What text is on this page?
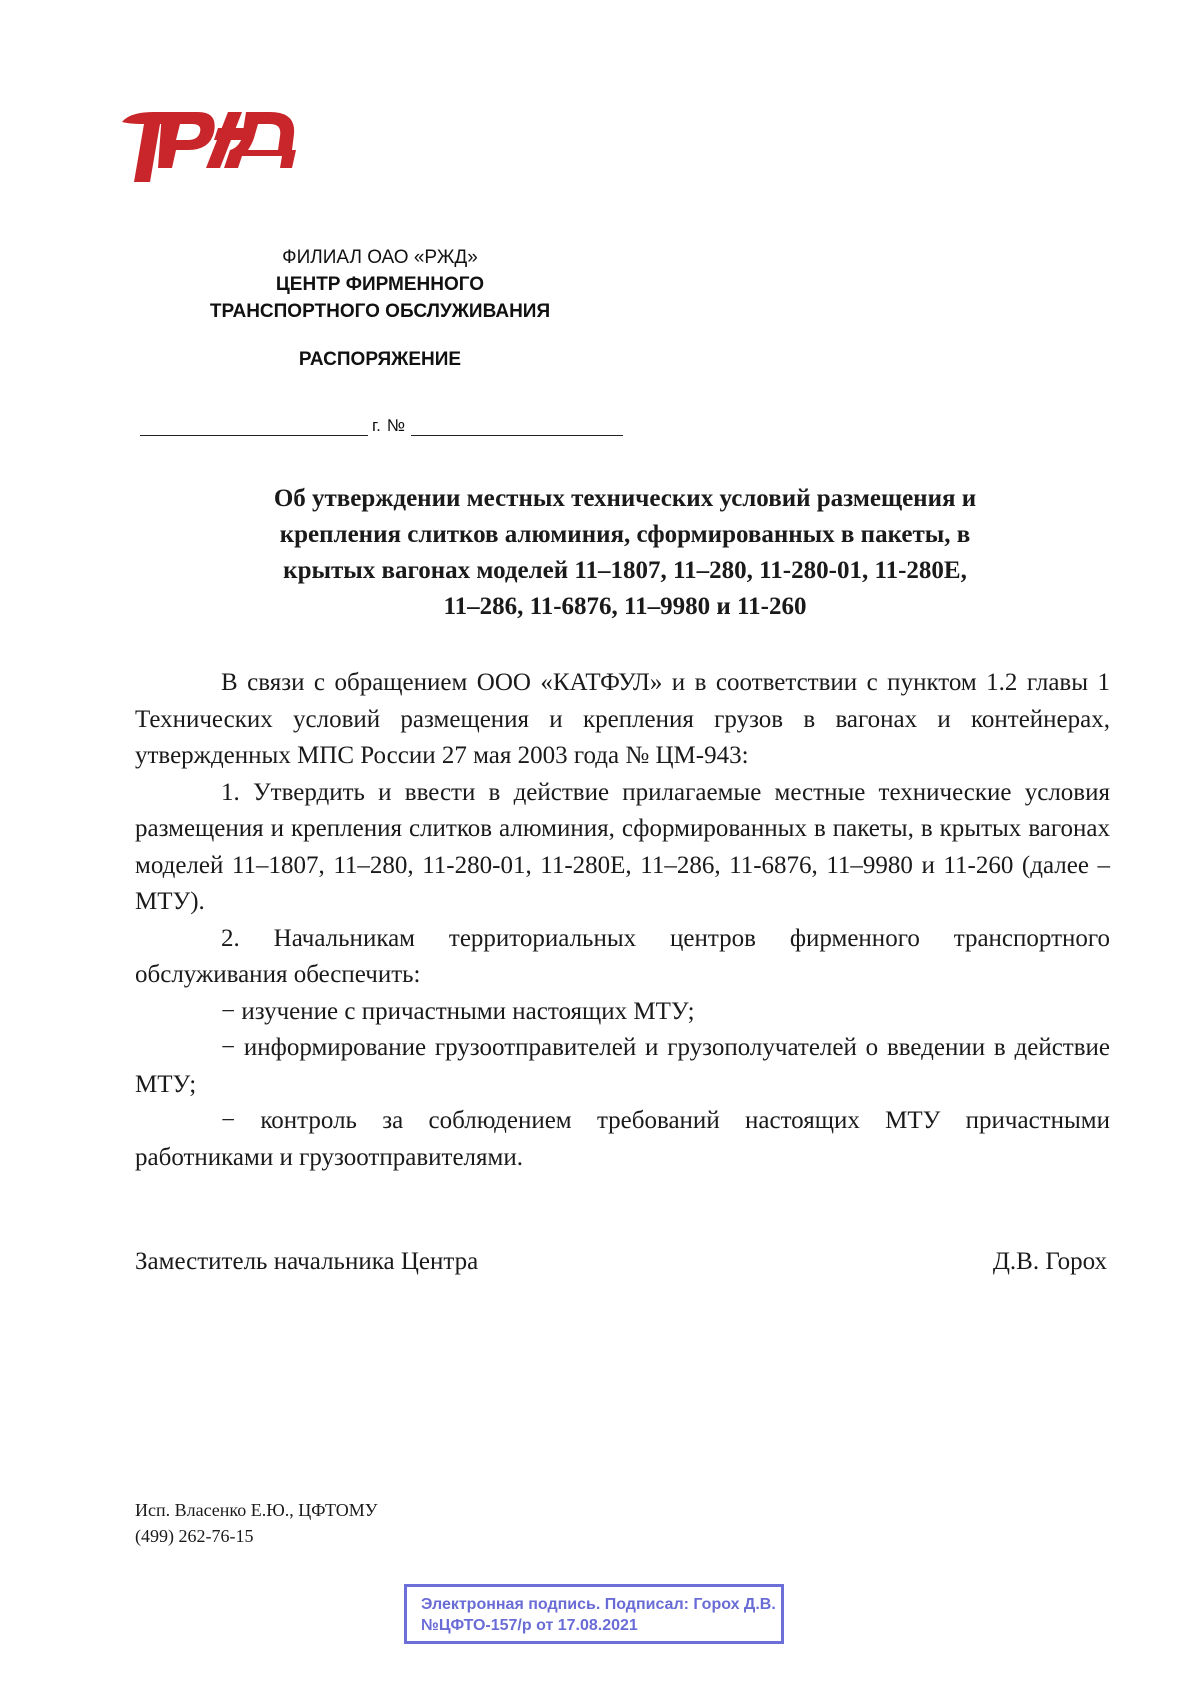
ФИЛИАЛ ОАО «РЖД»
ЦЕНТР ФИРМЕННОГО
ТРАНСПОРТНОГО ОБСЛУЖИВАНИЯ
РАСПОРЯЖЕНИЕ
г. №
Об утверждении местных технических условий размещения и
крепления слитков алюминия, сформированных в пакеты, в
крытых вагонах моделей 11–1807, 11–280, 11-280-01, 11-280Е,
11–286, 11-6876, 11–9980 и 11-260

В связи с обращением ООО «КАТФУЛ» и в соответствии с пунктом 1.2 главы 1 Технических условий размещения и крепления грузов в вагонах и контейнерах, утвержденных МПС России 27 мая 2003 года № ЦМ-943:

1. Утвердить и ввести в действие прилагаемые местные технические условия размещения и крепления слитков алюминия, сформированных в пакеты, в крытых вагонах моделей 11–1807, 11–280, 11-280-01, 11-280Е, 11–286, 11-6876, 11–9980 и 11-260 (далее – МТУ).

2. Начальникам территориальных центров фирменного транспортного обслуживания обеспечить:

− изучение с причастными настоящих МТУ;

− информирование грузоотправителей и грузополучателей о введении в действие МТУ;

− контроль за соблюдением требований настоящих МТУ причастными работниками и грузоотправителями.

Заместитель начальника Центра	Д.В. Горох
Исп. Власенко Е.Ю., ЦФТОМУ
(499) 262-76-15
Электронная подпись. Подписал: Горох Д.В.
№ЦФТО-157/р от 17.08.2021
